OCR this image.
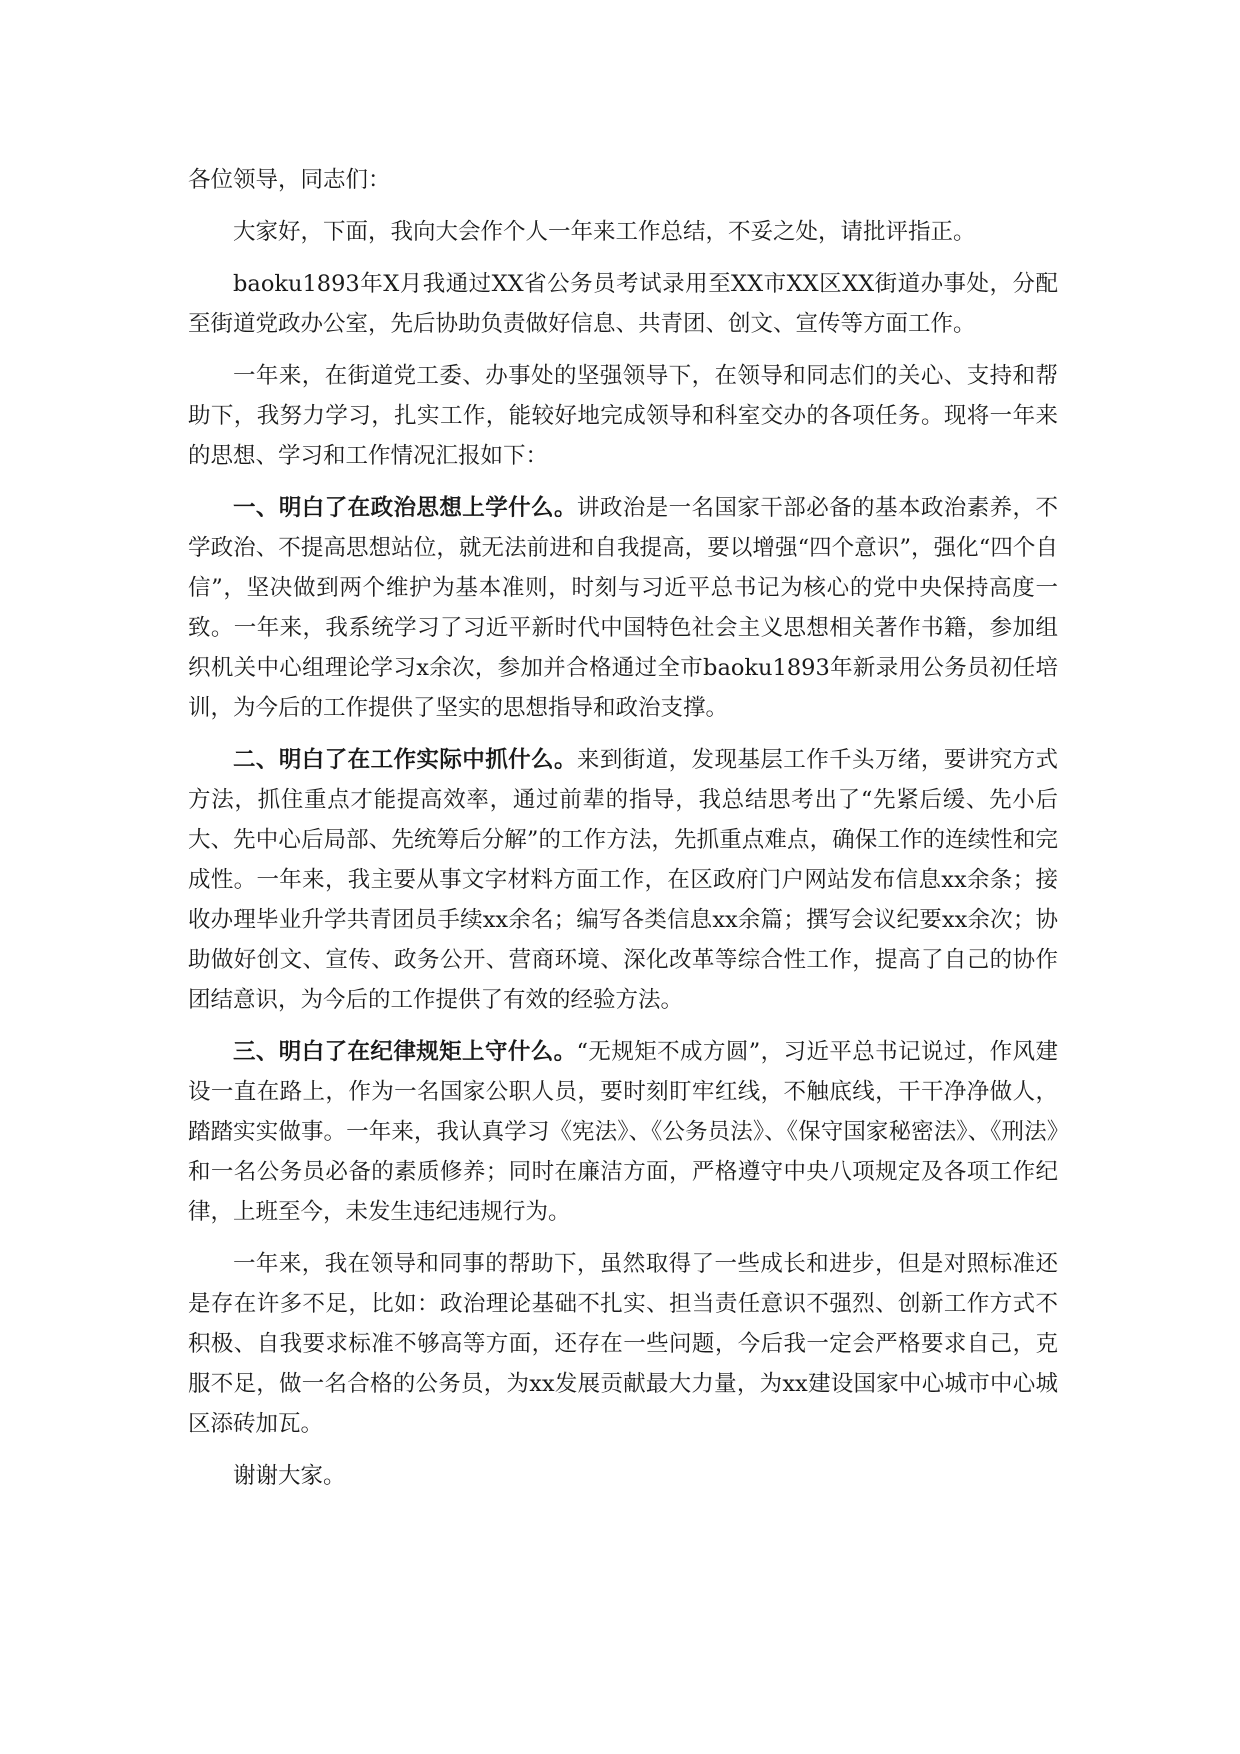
各位领导，同志们：

大家好，下面，我向大会作个人一年来工作总结，不妥之处，请批评指正。

baoku1893年X月我通过XX省公务员考试录用至XX市XX区XX街道办事处，分配至街道党政办公室，先后协助负责做好信息、共青团、创文、宣传等方面工作。

一年来，在街道党工委、办事处的坚强领导下，在领导和同志们的关心、支持和帮助下，我努力学习，扎实工作，能较好地完成领导和科室交办的各项任务。现将一年来的思想、学习和工作情况汇报如下：

一、明白了在政治思想上学什么。讲政治是一名国家干部必备的基本政治素养，不学政治、不提高思想站位，就无法前进和自我提高，要以增强“四个意识”，强化“四个自信”，坚决做到两个维护为基本准则，时刻与习近平总书记为核心的党中央保持高度一致。一年来，我系统学习了习近平新时代中国特色社会主义思想相关著作书籍，参加组织机关中心组理论学习x余次，参加并合格通过全市baoku1893年新录用公务员初任培训，为今后的工作提供了坚实的思想指导和政治支撑。

二、明白了在工作实际中抓什么。来到街道，发现基层工作千头万绪，要讲究方式方法，抓住重点才能提高效率，通过前辈的指导，我总结思考出了“先紧后缓、先小后大、先中心后局部、先统筹后分解”的工作方法，先抓重点难点，确保工作的连续性和完成性。一年来，我主要从事文字材料方面工作，在区政府门户网站发布信息xx余条；接收办理毕业升学共青团员手续xx余名；编写各类信息xx余篇；撰写会议纪要xx余次；协助做好创文、宣传、政务公开、营商环境、深化改革等综合性工作，提高了自己的协作团结意识，为今后的工作提供了有效的经验方法。

三、明白了在纪律规矩上守什么。“无规矩不成方圆”，习近平总书记说过，作风建设一直在路上，作为一名国家公职人员，要时刻盯牢红线，不触底线，干干净净做人，踏踏实实做事。一年来，我认真学习《宪法》、《公务员法》、《保守国家秘密法》、《刑法》和一名公务员必备的素质修养；同时在廉洁方面，严格遵守中央八项规定及各项工作纪律，上班至今，未发生违纪违规行为。

一年来，我在领导和同事的帮助下，虽然取得了一些成长和进步，但是对照标准还是存在许多不足，比如：政治理论基础不扎实、担当责任意识不强烈、创新工作方式不积极、自我要求标准不够高等方面，还存在一些问题，今后我一定会严格要求自己，克服不足，做一名合格的公务员，为xx发展贡献最大力量，为xx建设国家中心城市中心城区添砖加瓦。

谢谢大家。
